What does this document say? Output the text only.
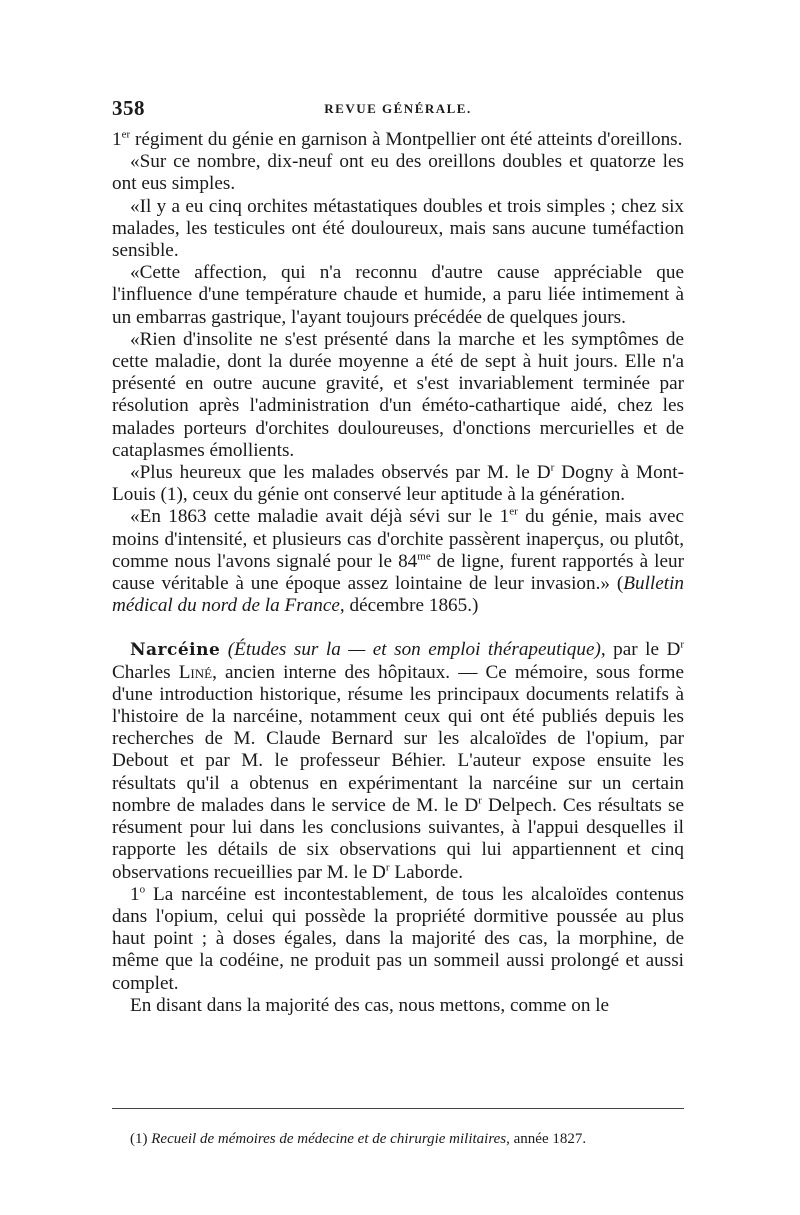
358	REVUE GÉNÉRALE.

1er régiment du génie en garnison à Montpellier ont été atteints d'oreillons.

«Sur ce nombre, dix-neuf ont eu des oreillons doubles et quatorze les ont eus simples.

«Il y a eu cinq orchites métastatiques doubles et trois simples ; chez six malades, les testicules ont été douloureux, mais sans aucune tuméfaction sensible.

«Cette affection, qui n'a reconnu d'autre cause appréciable que l'influence d'une température chaude et humide, a paru liée intimement à un embarras gastrique, l'ayant toujours précédée de quelques jours.

«Rien d'insolite ne s'est présenté dans la marche et les symptômes de cette maladie, dont la durée moyenne a été de sept à huit jours. Elle n'a présenté en outre aucune gravité, et s'est invariablement terminée par résolution après l'administration d'un éméto-cathartique aidé, chez les malades porteurs d'orchites douloureuses, d'onctions mercurielles et de cataplasmes émollients.

«Plus heureux que les malades observés par M. le $D^r$ Dogny à Mont-Louis (1), ceux du génie ont conservé leur aptitude à la génération.

«En 1863 cette maladie avait déjà sévi sur le 1er du génie, mais avec moins d'intensité, et plusieurs cas d'orchite passèrent inaperçus, ou plutôt, comme nous l'avons signalé pour le $84^{me}$ de ligne, furent rapportés à leur cause véritable à une époque assez lointaine de leur invasion.» (Bulletin médical du nord de la France, décembre 1865.)

Narcéine (Études sur la — et son emploi thérapeutique), par le $D^r$ Charles Liné, ancien interne des hôpitaux. — Ce mémoire, sous forme d'une introduction historique, résume les principaux documents relatifs à l'histoire de la narcéine, notamment ceux qui ont été publiés depuis les recherches de M. Claude Bernard sur les alcaloïdes de l'opium, par Debout et par M. le professeur Béhier. L'auteur expose ensuite les résultats qu'il a obtenus en expérimentant la narcéine sur un certain nombre de malades dans le service de M. le $D^r$ Delpech. Ces résultats se résument pour lui dans les conclusions suivantes, à l'appui desquelles il rapporte les détails de six observations qui lui appartiennent et cinq observations recueillies par M. le $D^r$ Laborde.

1$^o$ La narcéine est incontestablement, de tous les alcaloïdes contenus dans l'opium, celui qui possède la propriété dormitive poussée au plus haut point ; à doses égales, dans la majorité des cas, la morphine, de même que la codéine, ne produit pas un sommeil aussi prolongé et aussi complet.

En disant dans la majorité des cas, nous mettons, comme on le

(1) Recueil de mémoires de médecine et de chirurgie militaires, année 1827.
